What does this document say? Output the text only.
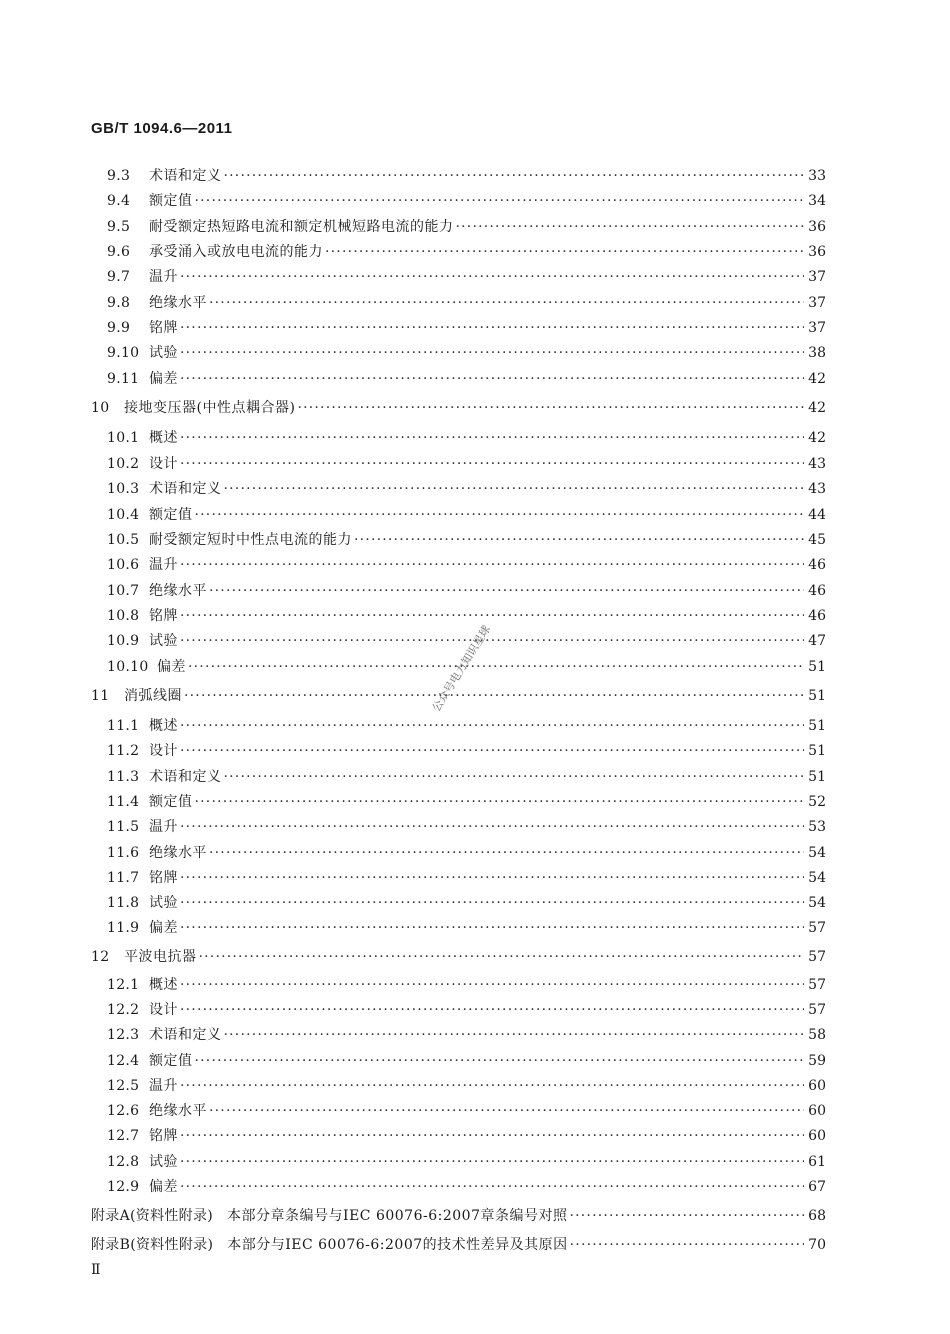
GB/T 1094.6—2011
9.3	术语和定义 ·····	33
9.4	额定值 ·····	34
9.5	耐受额定热短路电流和额定机械短路电流的能力 ·····	36
9.6	承受涌入或放电电流的能力 ·····	36
9.7	温升 ·····	37
9.8	绝缘水平 ·····	37
9.9	铭牌 ·····	37
9.10 试验 ·····	38
9.11 偏差 ·····	42
10	接地变压器(中性点耦合器) ·····	42
10.1 概述 ·····	42
10.2 设计 ·····	43
10.3 术语和定义 ·····	43
10.4 额定值 ·····	44
10.5 耐受额定短时中性点电流的能力 ·····	45
10.6 温升 ·····	46
10.7 绝缘水平 ·····	46
10.8 铭牌 ·····	46
10.9 试验 ·····	47
10.10 偏差 ·····	51
11	消弧线圈 ·····	51
11.1 概述 ·····	51
11.2 设计 ·····	51
11.3 术语和定义 ·····	51
11.4 额定值 ·····	52
11.5 温升 ·····	53
11.6 绝缘水平 ·····	54
11.7 铭牌 ·····	54
11.8 试验 ·····	54
11.9 偏差 ·····	57
12	平波电抗器 ·····	57
12.1 概述 ·····	57
12.2 设计 ·····	57
12.3 术语和定义 ·····	58
12.4 额定值 ·····	59
12.5 温升 ·····	60
12.6 绝缘水平 ·····	60
12.7 铭牌 ·····	60
12.8 试验 ·····	61
12.9 偏差 ·····	67
附录A(资料性附录) 本部分章条编号与IEC 60076-6:2007章条编号对照 ·····	68
附录B(资料性附录) 本部分与IEC 60076-6:2007的技术性差异及其原因 ·····	70
公众号电力知识星球
Ⅱ
